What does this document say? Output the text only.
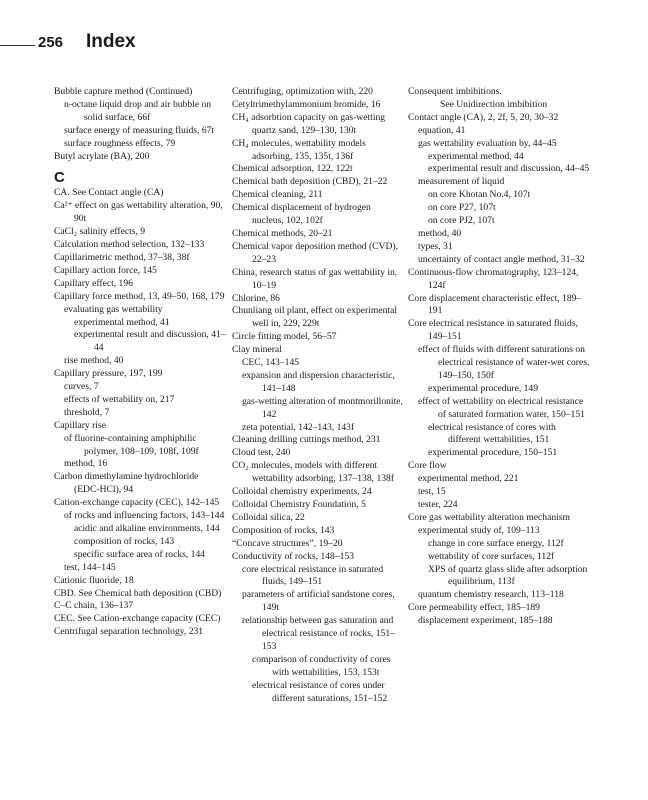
256 Index
Bubble capture method (Continued)
n-octane liquid drop and air bubble on solid surface, 66f
surface energy of measuring fluids, 67t
surface roughness effects, 79
Butyl acrylate (BA), 200
C
CA. See Contact angle (CA)
Ca²⁺ effect on gas wettability alteration, 90, 90t
CaCl₂ salinity effects, 9
Calculation method selection, 132–133
Capillarimetric method, 37–38, 38f
Capillary action force, 145
Capillary effect, 196
Capillary force method, 13, 49–50, 168, 179
evaluating gas wettability
experimental method, 41
experimental result and discussion, 41–44
rise method, 40
Capillary pressure, 197, 199
curves, 7
effects of wettability on, 217
threshold, 7
Capillary rise
of fluorine-containing amphiphilic polymer, 108–109, 108f, 109f
method, 16
Carbon dimethylamine hydrochloride (EDC-HCl), 94
Cation-exchange capacity (CEC), 142–145
of rocks and influencing factors, 143–144
acidic and alkaline environments, 144
composition of rocks, 143
specific surface area of rocks, 144
test, 144–145
Cationic fluoride, 18
CBD. See Chemical bath deposition (CBD)
C–C chain, 136–137
CEC. See Cation-exchange capacity (CEC)
Centrifugal separation technology, 231
Centrifuging, optimization with, 220
Cetyltrimethylammonium bromide, 16
CH₄ adsorbtion capacity on gas-wetting quartz sand, 129–130, 130t
CH₄ molecules, wettability models adsorbing, 135, 135t, 136f
Chemical adsorption, 122, 122t
Chemical bath deposition (CBD), 21–22
Chemical cleaning, 211
Chemical displacement of hydrogen nucleus, 102, 102f
Chemical methods, 20–21
Chemical vapor deposition method (CVD), 22–23
China, research status of gas wettability in, 10–19
Chlorine, 86
Chunliang oil plant, effect on experimental well in, 229, 229t
Circle fitting model, 56–57
Clay mineral
CEC, 143–145
expansion and dispersion characteristic, 141–148
gas-wetting alteration of montmorillonite, 142
zeta potential, 142–143, 143f
Cleaning drilling cuttings method, 231
Cloud test, 240
CO₂ molecules, models with different wettability adsorbing, 137–138, 138f
Colloidal chemistry experiments, 24
Colloidal Chemistry Foundation, 5
Colloidal silica, 22
Composition of rocks, 143
“Concave structures”, 19–20
Conductivity of rocks, 148–153
core electrical resistance in saturated fluids, 149–151
parameters of artificial sandstone cores, 149t
relationship between gas saturation and electrical resistance of rocks, 151–153
comparison of conductivity of cores with wettabilities, 153, 153t
electrical resistance of cores under different saturations, 151–152
Consequent imbibitions.
See Unidirection imbibition
Contact angle (CA), 2, 2f, 5, 20, 30–32
equation, 41
gas wettability evaluation by, 44–45
experimental method, 44
experimental result and discussion, 44–45
measurement of liquid
on core Khotan No.4, 107t
on core P27, 107t
on core PJ2, 107t
method, 40
types, 31
uncertainty of contact angle method, 31–32
Continuous-flow chromatography, 123–124, 124f
Core displacement characteristic effect, 189–191
Core electrical resistance in saturated fluids, 149–151
effect of fluids with different saturations on electrical resistance of water-wet cores, 149–150, 150f
experimental procedure, 149
effect of wettability on electrical resistance of saturated formation water, 150–151
electrical resistance of cores with different wettabilities, 151
experimental procedure, 150–151
Core flow
experimental method, 221
test, 15
tester, 224
Core gas wettability alteration mechanism
experimental study of, 109–113
change in core surface energy, 112f
wettability of core surfaces, 112f
XPS of quartz glass slide after adsorption equilibrium, 113f
quantum chemistry research, 113–118
Core permeability effect, 185–189
displacement experiment, 185–188
